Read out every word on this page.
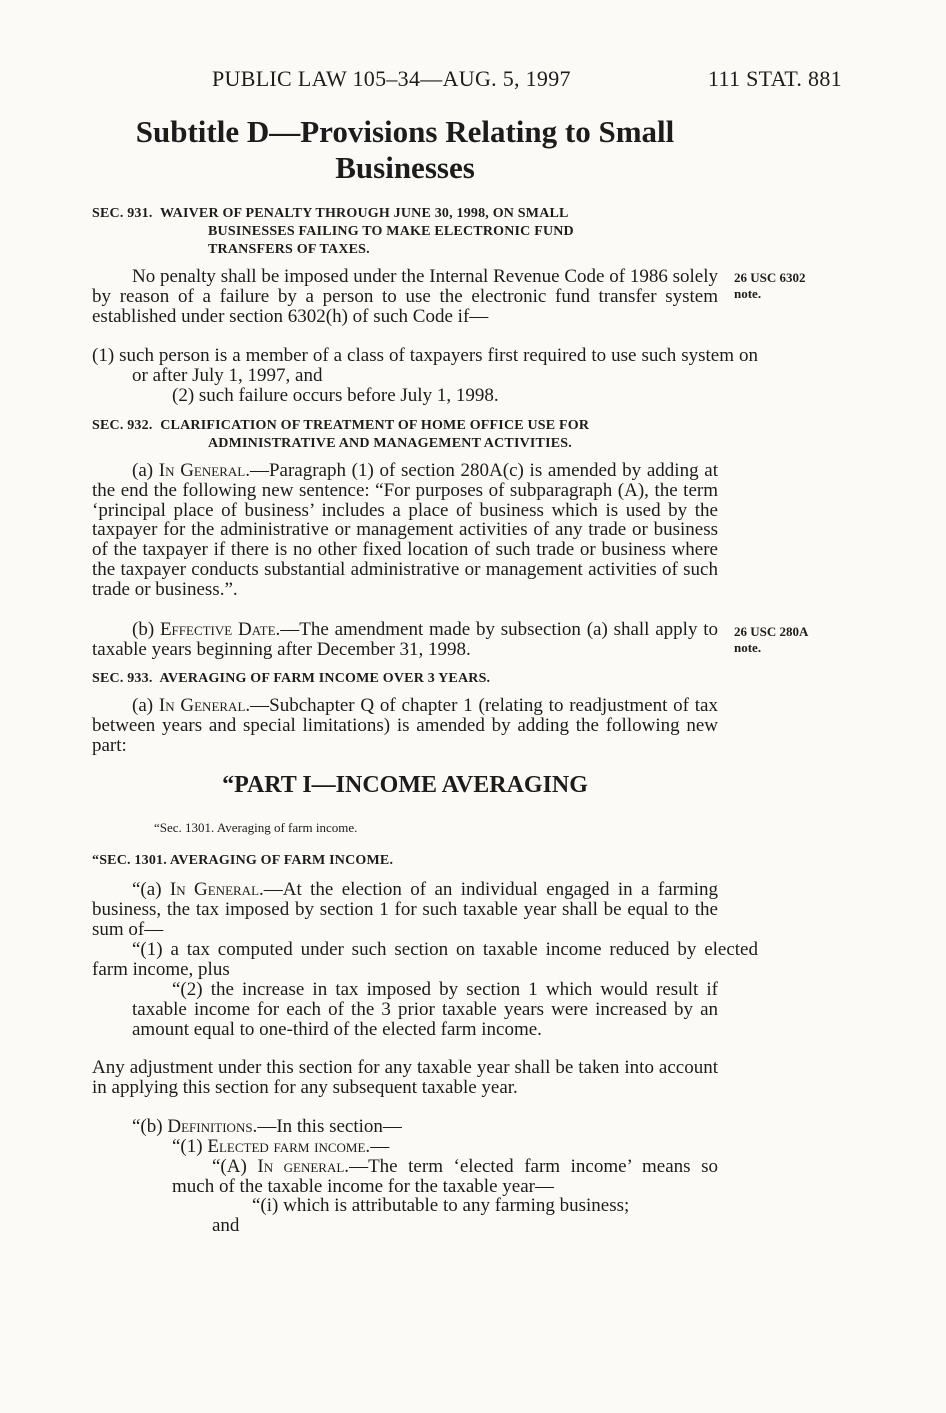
PUBLIC LAW 105–34—AUG. 5, 1997	111 STAT. 881
Subtitle D—Provisions Relating to Small
Businesses
SEC. 931. WAIVER OF PENALTY THROUGH JUNE 30, 1998, ON SMALL
BUSINESSES FAILING TO MAKE ELECTRONIC FUND
TRANSFERS OF TAXES.
No penalty shall be imposed under the Internal Revenue Code of 1986 solely by reason of a failure by a person to use the electronic fund transfer system established under section 6302(h) of such Code if—
(1) such person is a member of a class of taxpayers first required to use such system on or after July 1, 1997, and
(2) such failure occurs before July 1, 1998.
26 USC 6302
note.
SEC. 932. CLARIFICATION OF TREATMENT OF HOME OFFICE USE FOR
ADMINISTRATIVE AND MANAGEMENT ACTIVITIES.
(a) In General.—Paragraph (1) of section 280A(c) is amended by adding at the end the following new sentence: “For purposes of subparagraph (A), the term ‘principal place of business’ includes a place of business which is used by the taxpayer for the administrative or management activities of any trade or business of the taxpayer if there is no other fixed location of such trade or business where the taxpayer conducts substantial administrative or management activities of such trade or business.”.
(b) Effective Date.—The amendment made by subsection (a) shall apply to taxable years beginning after December 31, 1998.
26 USC 280A
note.
SEC. 933. AVERAGING OF FARM INCOME OVER 3 YEARS.
(a) In General.—Subchapter Q of chapter 1 (relating to readjustment of tax between years and special limitations) is amended by adding the following new part:
“PART I—INCOME AVERAGING
“Sec. 1301. Averaging of farm income.
“SEC. 1301. AVERAGING OF FARM INCOME.
“(a) In General.—At the election of an individual engaged in a farming business, the tax imposed by section 1 for such taxable year shall be equal to the sum of—
“(1) a tax computed under such section on taxable income reduced by elected farm income, plus
“(2) the increase in tax imposed by section 1 which would result if taxable income for each of the 3 prior taxable years were increased by an amount equal to one-third of the elected farm income.
Any adjustment under this section for any taxable year shall be taken into account in applying this section for any subsequent taxable year.
“(b) Definitions.—In this section—
“(1) Elected farm income.—
“(A) In general.—The term ‘elected farm income’ means so much of the taxable income for the taxable year—
“(i) which is attributable to any farming business;
and
